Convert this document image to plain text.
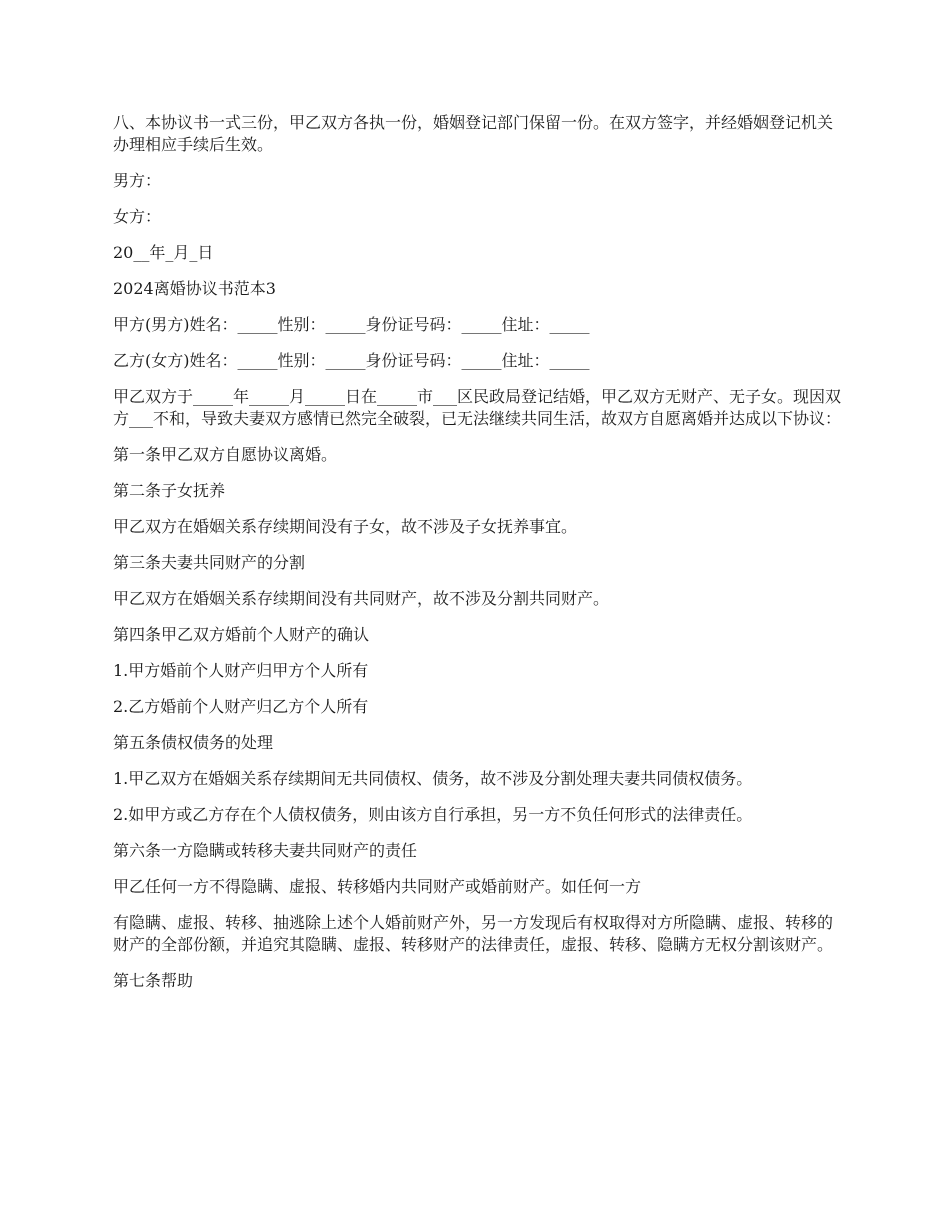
八、本协议书一式三份，甲乙双方各执一份，婚姻登记部门保留一份。在双方签字，并经婚姻登记机关办理相应手续后生效。

男方：

女方：

20__年_月_日

2024离婚协议书范本3

甲方(男方)姓名：_____性别：_____身份证号码：_____住址：_____

乙方(女方)姓名：_____性别：_____身份证号码：_____住址：_____

甲乙双方于_____年_____月_____日在_____市___区民政局登记结婚，甲乙双方无财产、无子女。现因双方___不和，导致夫妻双方感情已然完全破裂，已无法继续共同生活，故双方自愿离婚并达成以下协议：

第一条甲乙双方自愿协议离婚。

第二条子女抚养

甲乙双方在婚姻关系存续期间没有子女，故不涉及子女抚养事宜。

第三条夫妻共同财产的分割

甲乙双方在婚姻关系存续期间没有共同财产，故不涉及分割共同财产。

第四条甲乙双方婚前个人财产的确认

1.甲方婚前个人财产归甲方个人所有

2.乙方婚前个人财产归乙方个人所有

第五条债权债务的处理

1.甲乙双方在婚姻关系存续期间无共同债权、债务，故不涉及分割处理夫妻共同债权债务。

2.如甲方或乙方存在个人债权债务，则由该方自行承担，另一方不负任何形式的法律责任。

第六条一方隐瞒或转移夫妻共同财产的责任

甲乙任何一方不得隐瞒、虚报、转移婚内共同财产或婚前财产。如任何一方

有隐瞒、虚报、转移、抽逃除上述个人婚前财产外，另一方发现后有权取得对方所隐瞒、虚报、转移的财产的全部份额，并追究其隐瞒、虚报、转移财产的法律责任，虚报、转移、隐瞒方无权分割该财产。

第七条帮助
